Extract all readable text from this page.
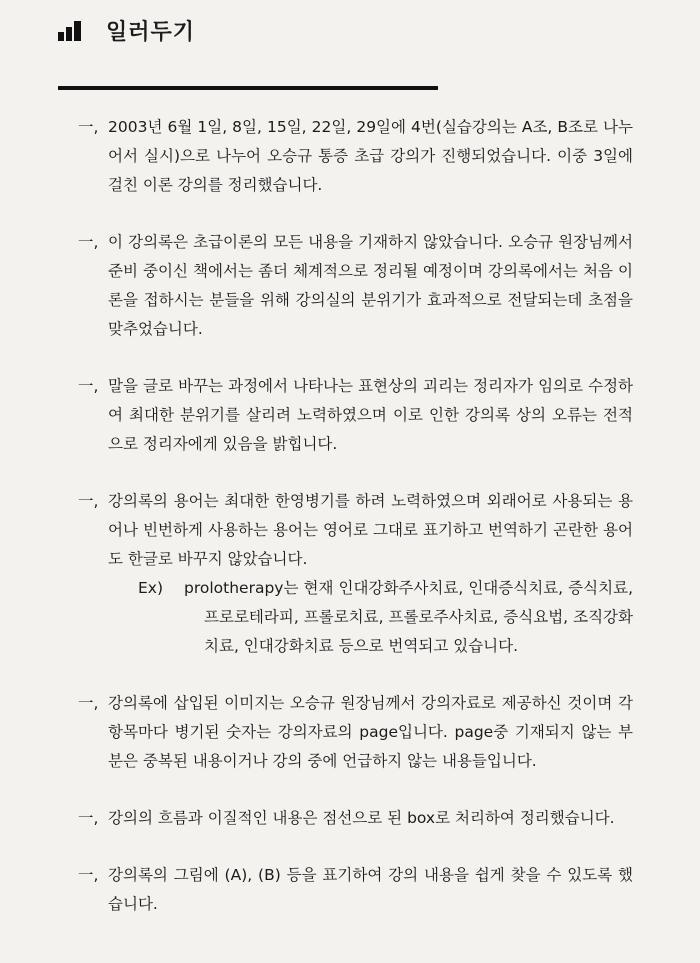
일러두기
一, 2003년 6월 1일, 8일, 15일, 22일, 29일에 4번(실습강의는 A조, B조로 나누어서 실시)으로 나누어 오승규 통증 초급 강의가 진행되었습니다. 이중 3일에 걸친 이론 강의를 정리했습니다.
一, 이 강의록은 초급이론의 모든 내용을 기재하지 않았습니다. 오승규 원장님께서 준비 중이신 책에서는 좀더 체계적으로 정리될 예정이며 강의록에서는 처음 이론을 접하시는 분들을 위해 강의실의 분위기가 효과적으로 전달되는데 초점을 맞추었습니다.
一, 말을 글로 바꾸는 과정에서 나타나는 표현상의 괴리는 정리자가 임의로 수정하여 최대한 분위기를 살리려 노력하였으며 이로 인한 강의록 상의 오류는 전적으로 정리자에게 있음을 밝힙니다.
一, 강의록의 용어는 최대한 한영병기를 하려 노력하였으며 외래어로 사용되는 용어나 빈번하게 사용하는 용어는 영어로 그대로 표기하고 번역하기 곤란한 용어도 한글로 바꾸지 않았습니다.
Ex) prolotherapy는 현재 인대강화주사치료, 인대증식치료, 증식치료, 프로로테라피, 프롤로치료, 프롤로주사치료, 증식요법, 조직강화치료, 인대강화치료 등으로 번역되고 있습니다.
一, 강의록에 삽입된 이미지는 오승규 원장님께서 강의자료로 제공하신 것이며 각 항목마다 병기된 숫자는 강의자료의 page입니다. page중 기재되지 않는 부분은 중복된 내용이거나 강의 중에 언급하지 않는 내용들입니다.
一, 강의의 흐름과 이질적인 내용은 점선으로 된 box로 처리하여 정리했습니다.
一, 강의록의 그림에 (A), (B) 등을 표기하여 강의 내용을 쉽게 찾을 수 있도록 했습니다.
